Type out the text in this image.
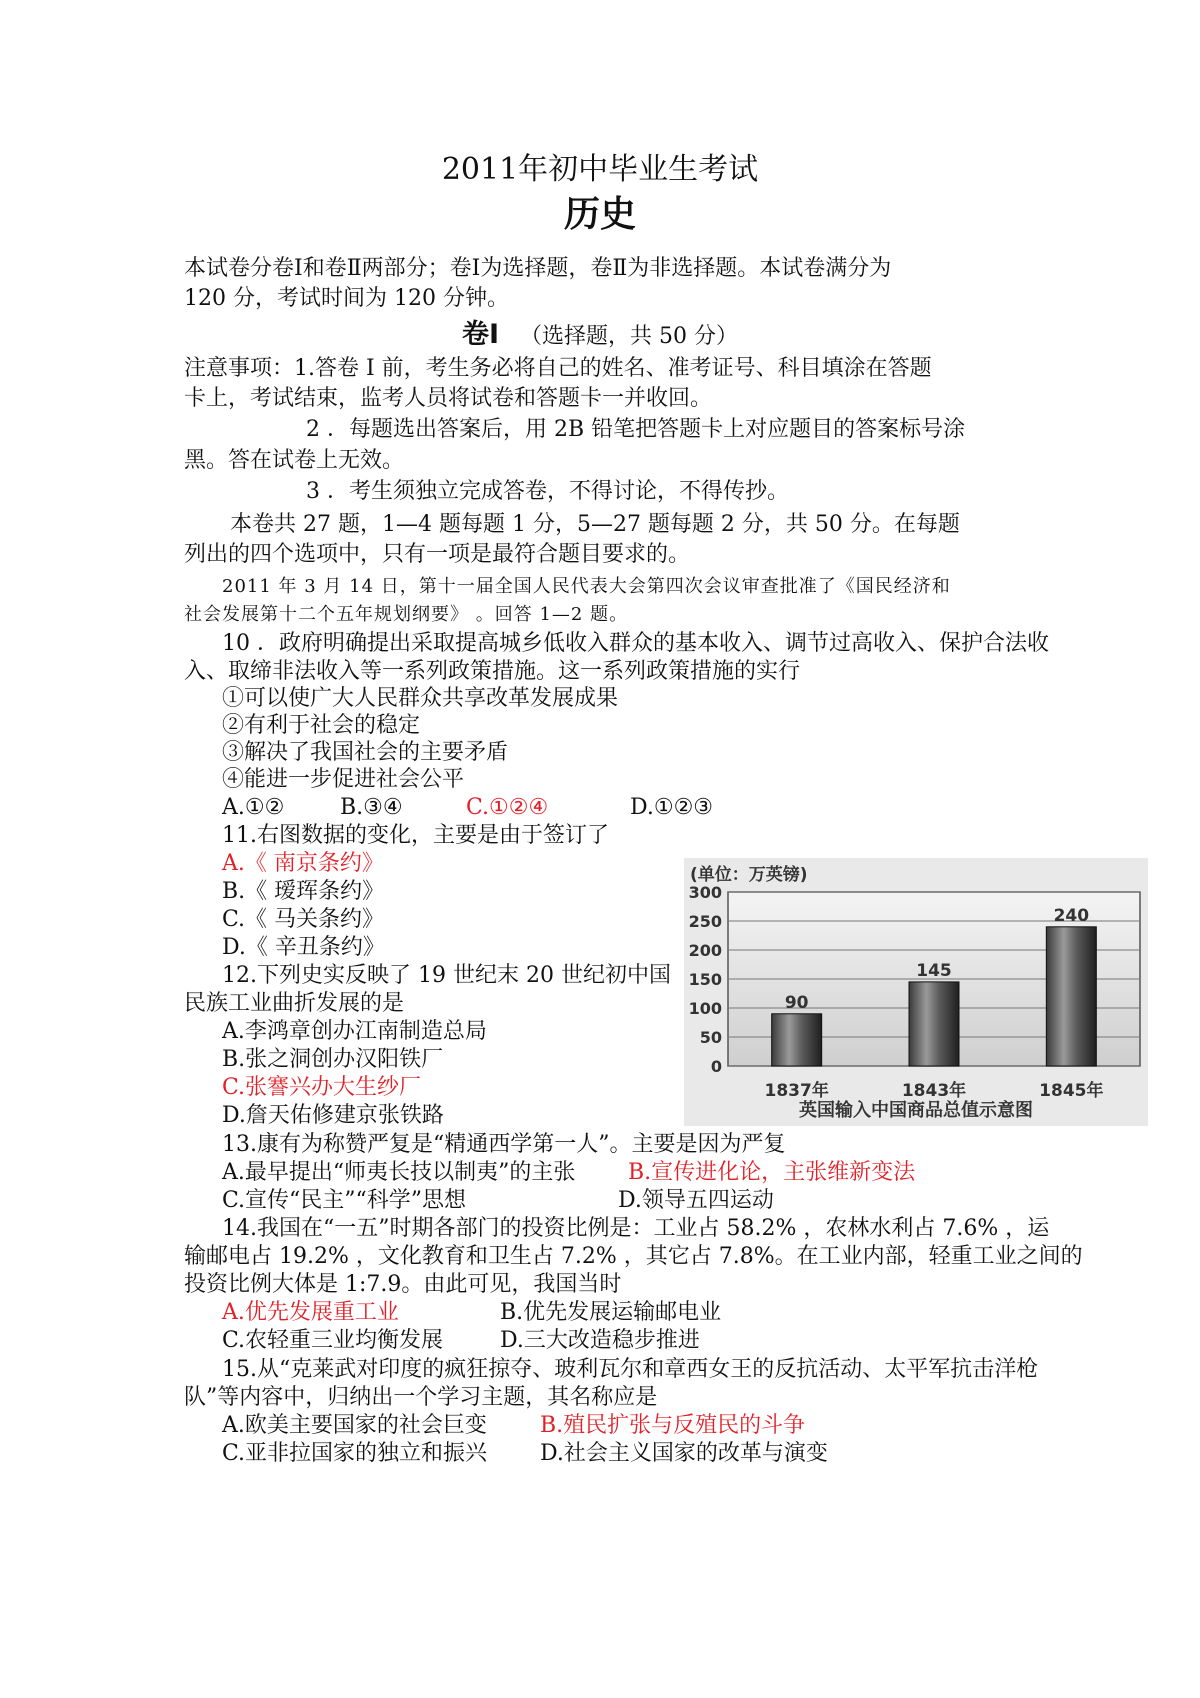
2011年初中毕业生考试
历史
本试卷分卷Ⅰ和卷Ⅱ两部分；卷Ⅰ为选择题，卷Ⅱ为非选择题。本试卷满分为
120 分，考试时间为 120 分钟。
卷Ⅰ （选择题，共 50 分）
注意事项：1.答卷 Ⅰ 前，考生务必将自己的姓名、准考证号、科目填涂在答题
卡上，考试结束，监考人员将试卷和答题卡一并收回。
2 ．每题选出答案后，用 2B 铅笔把答题卡上对应题目的答案标号涂
黑。答在试卷上无效。
3 ．考生须独立完成答卷，不得讨论，不得传抄。
本卷共 27 题，1—4 题每题 1 分，5—27 题每题 2 分，共 50 分。在每题
列出的四个选项中，只有一项是最符合题目要求的。
2011 年 3 月 14 日，第十一届全国人民代表大会第四次会议审查批准了《国民经济和
社会发展第十二个五年规划纲要》 。回答 1—2 题。
10 ．政府明确提出采取提高城乡低收入群众的基本收入、调节过高收入、保护合法收
入、取缔非法收入等一系列政策措施。这一系列政策措施的实行
①可以使广大人民群众共享改革发展成果
②有利于社会的稳定
③解决了我国社会的主要矛盾
④能进一步促进社会公平
A.①②	B.③④	C.①②④	D.①②③
11.右图数据的变化，主要是由于签订了
A.《 南京条约》
B.《 瑷珲条约》
C.《 马关条约》
D.《 辛丑条约》
12.下列史实反映了 19 世纪末 20 世纪初中国
民族工业曲折发展的是
A.李鸿章创办江南制造总局
B.张之洞创办汉阳铁厂
C.张謇兴办大生纱厂
D.詹天佑修建京张铁路
13.康有为称赞严复是“精通西学第一人”。主要是因为严复
A.最早提出“师夷长技以制夷”的主张 B.宣传进化论，主张维新变法
C.宣传“民主”“科学”思想	D.领导五四运动
14.我国在“一五”时期各部门的投资比例是：工业占 58.2% ，农林水利占 7.6% ，运
输邮电占 19.2% ，文化教育和卫生占 7.2% ，其它占 7.8%。在工业内部，轻重工业之间的
投资比例大体是 1:7.9。由此可见，我国当时
A.优先发展重工业	B.优先发展运输邮电业
C.农轻重三业均衡发展	D.三大改造稳步推进
15.从“克莱武对印度的疯狂掠夺、玻利瓦尔和章西女王的反抗活动、太平军抗击洋枪
队”等内容中，归纳出一个学习主题，其名称应是
A.欧美主要国家的社会巨变 B.殖民扩张与反殖民的斗争
C.亚非拉国家的独立和振兴 D.社会主义国家的改革与演变
(单位：万英镑)
300
250
200
150
100
50
0
90
145
240
1837年	1843年	1845年
英国输入中国商品总值示意图
